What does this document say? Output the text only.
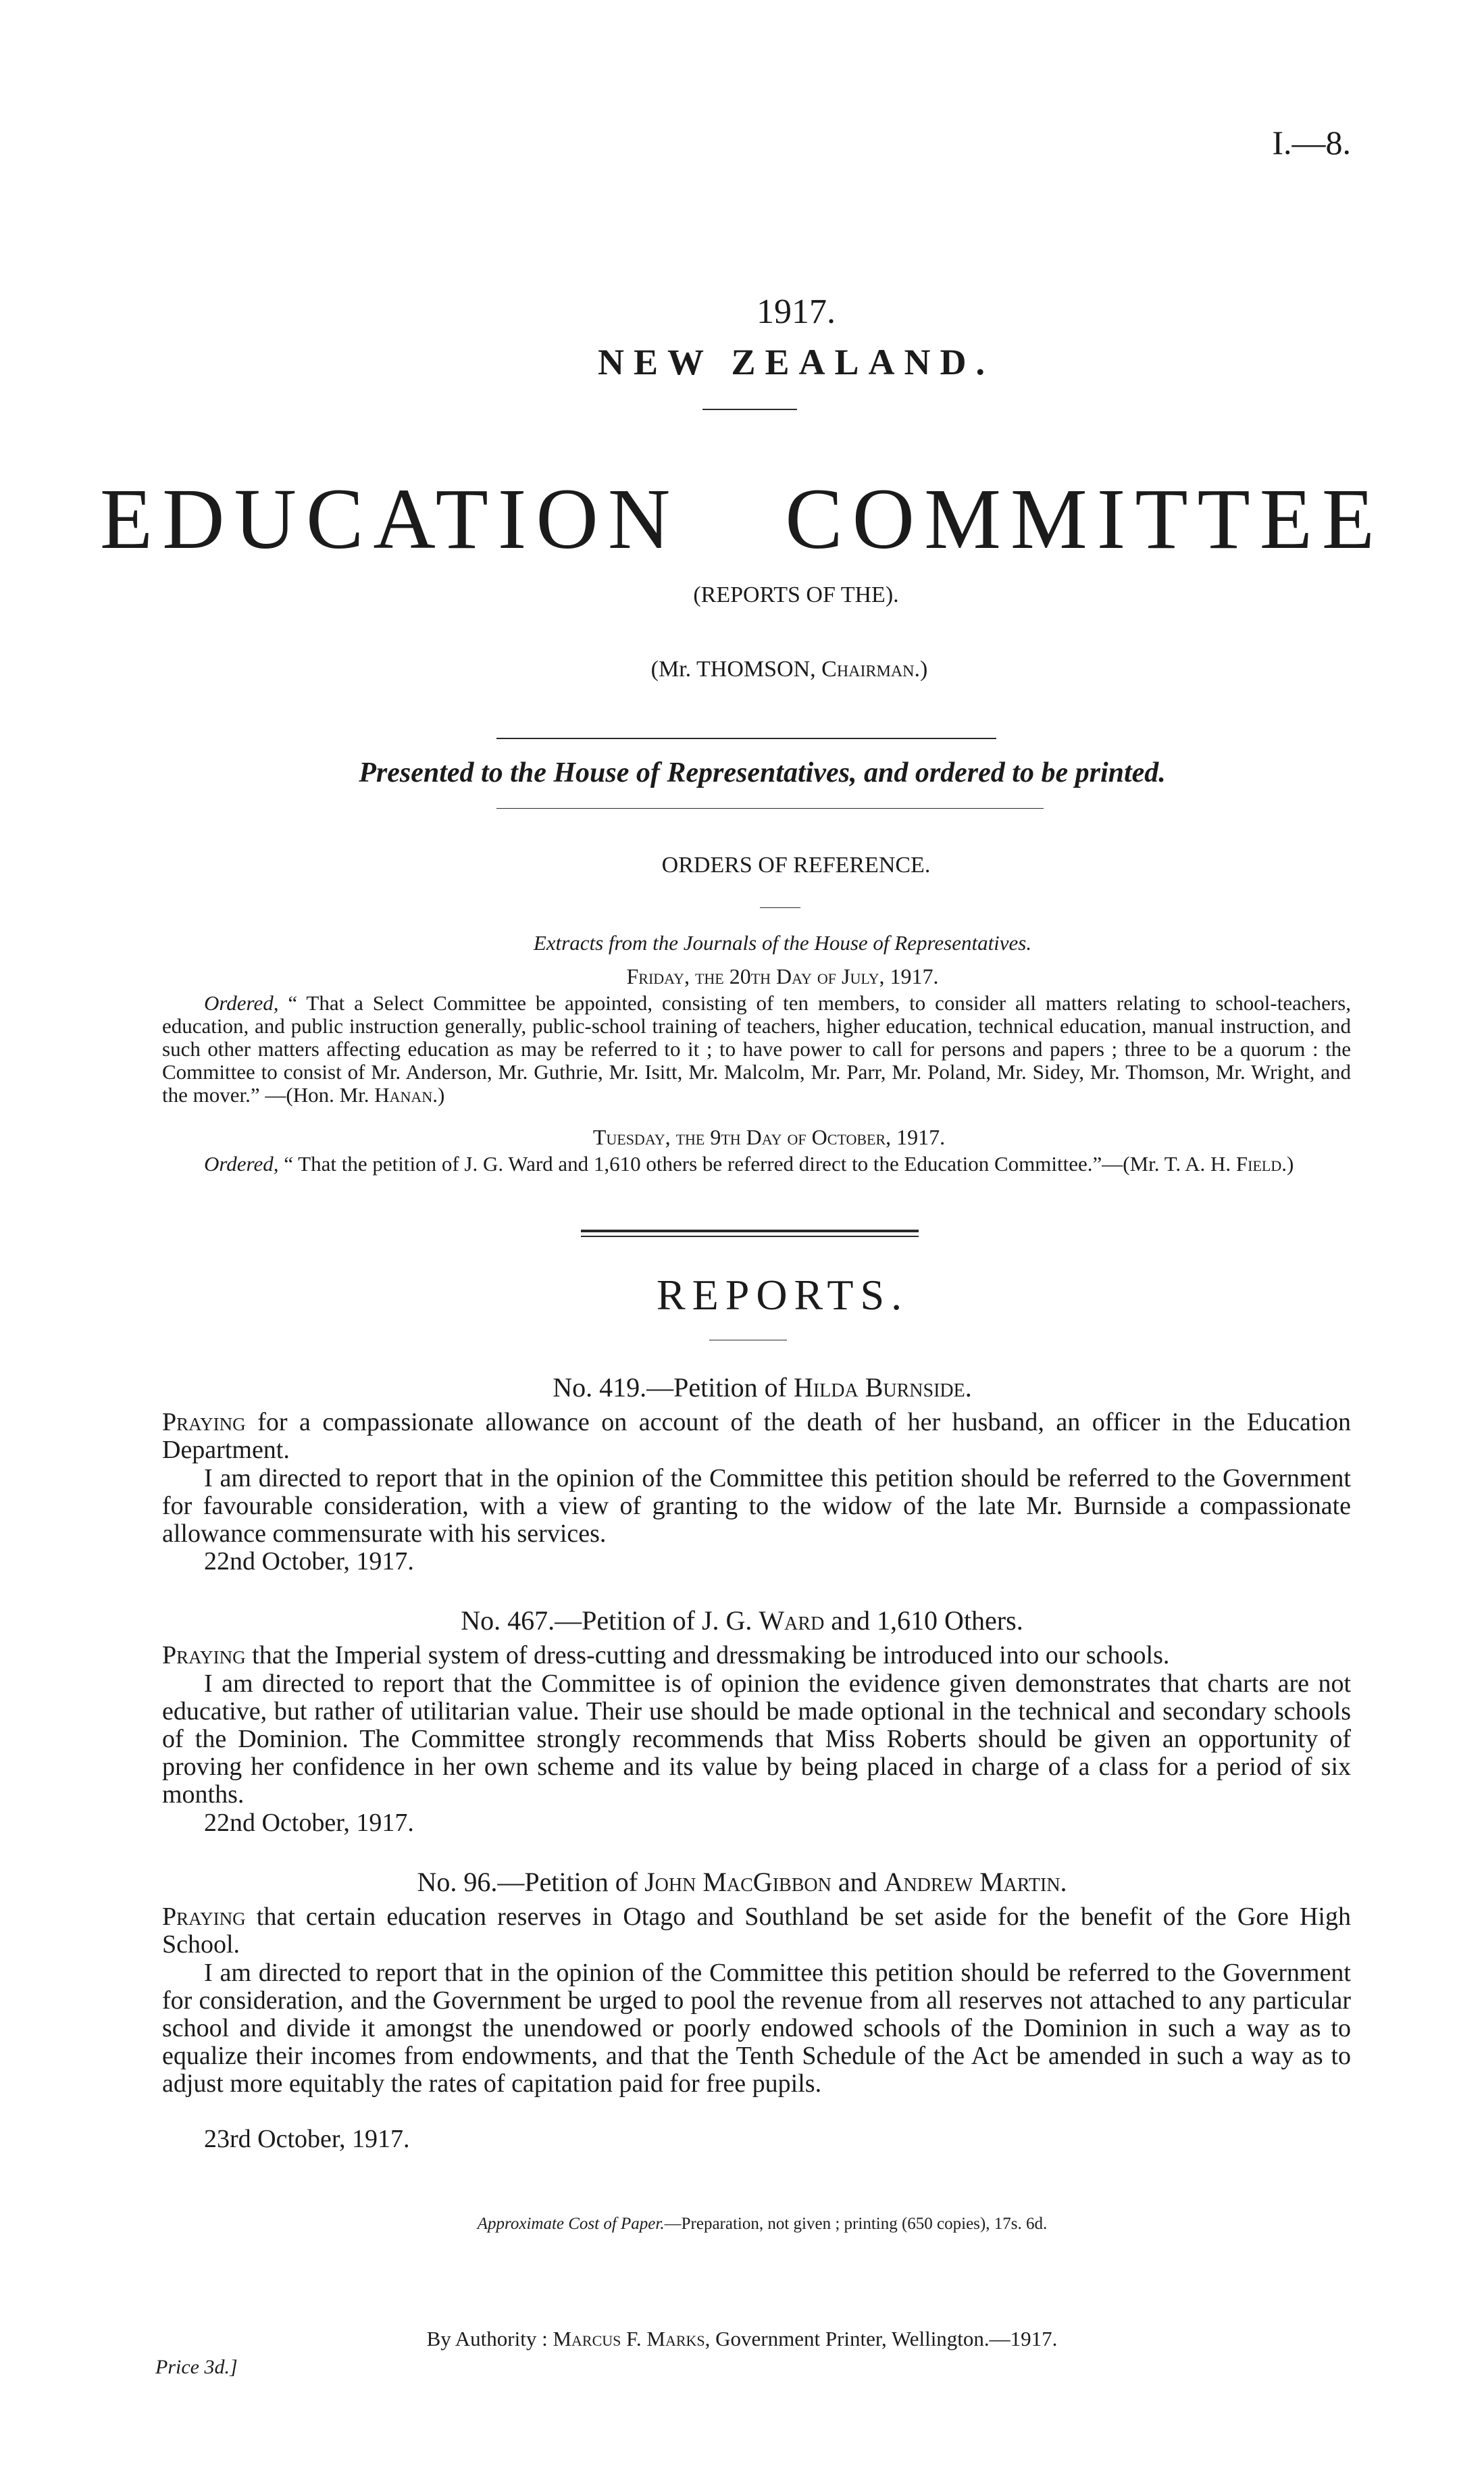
I.—8.
1917.
NEW ZEALAND.
EDUCATION COMMITTEE
(REPORTS OF THE).
(Mr. THOMSON, Chairman.)
Presented to the House of Representatives, and ordered to be printed.
ORDERS OF REFERENCE.
Extracts from the Journals of the House of Representatives.
Friday, the 20th Day of July, 1917.
Ordered, “ That a Select Committee be appointed, consisting of ten members, to consider all matters relating to school-teachers, education, and public instruction generally, public-school training of teachers, higher education, technical education, manual instruction, and such other matters affecting education as may be referred to it ; to have power to call for persons and papers ; three to be a quorum : the Committee to consist of Mr. Anderson, Mr. Guthrie, Mr. Isitt, Mr. Malcolm, Mr. Parr, Mr. Poland, Mr. Sidey, Mr. Thomson, Mr. Wright, and the mover.” —(Hon. Mr. Hanan.)
Tuesday, the 9th Day of October, 1917.
Ordered, “ That the petition of J. G. Ward and 1,610 others be referred direct to the Education Committee.”—(Mr. T. A. H. Field.)
REPORTS.
No. 419.—Petition of Hilda Burnside.
Praying for a compassionate allowance on account of the death of her husband, an officer in the Education Department.
I am directed to report that in the opinion of the Committee this petition should be referred to the Government for favourable consideration, with a view of granting to the widow of the late Mr. Burnside a compassionate allowance commensurate with his services.
22nd October, 1917.
No. 467.—Petition of J. G. Ward and 1,610 Others.
Praying that the Imperial system of dress-cutting and dressmaking be introduced into our schools.
I am directed to report that the Committee is of opinion the evidence given demonstrates that charts are not educative, but rather of utilitarian value. Their use should be made optional in the technical and secondary schools of the Dominion. The Committee strongly recommends that Miss Roberts should be given an opportunity of proving her confidence in her own scheme and its value by being placed in charge of a class for a period of six months.
22nd October, 1917.
No. 96.—Petition of John MacGibbon and Andrew Martin.
Praying that certain education reserves in Otago and Southland be set aside for the benefit of the Gore High School.
I am directed to report that in the opinion of the Committee this petition should be referred to the Government for consideration, and the Government be urged to pool the revenue from all reserves not attached to any particular school and divide it amongst the unendowed or poorly endowed schools of the Dominion in such a way as to equalize their incomes from endowments, and that the Tenth Schedule of the Act be amended in such a way as to adjust more equitably the rates of capitation paid for free pupils.
23rd October, 1917.
Approximate Cost of Paper.—Preparation, not given ; printing (650 copies), 17s. 6d.
By Authority : Marcus F. Marks, Government Printer, Wellington.—1917.
Price 3d.]
